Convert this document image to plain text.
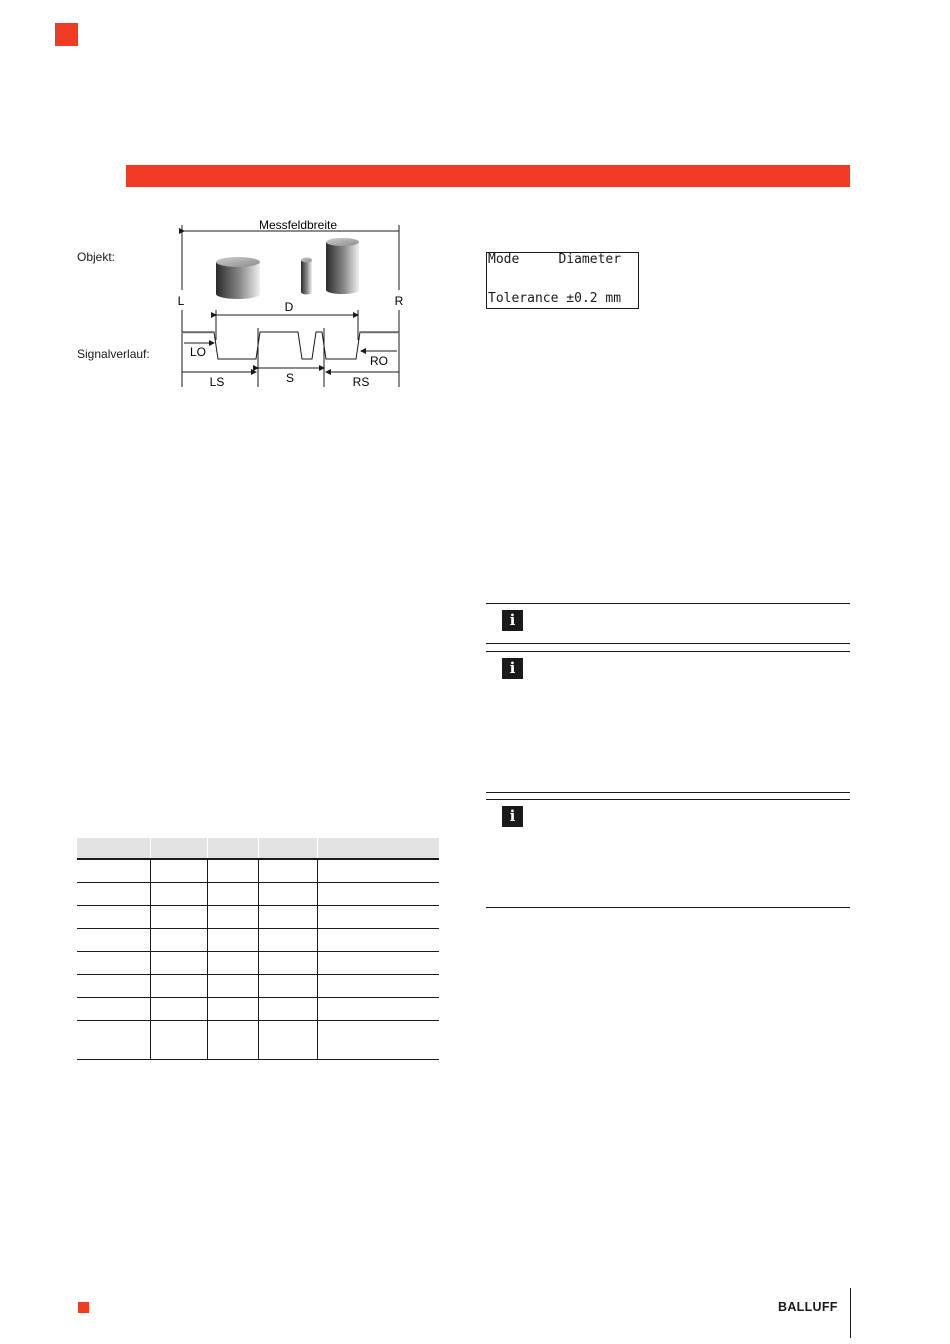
Objekt:
Signalverlauf:
Messfeldbreite
L	R
D
LO
RO
LS	S	RS
Mode     Diameter
Tolerance ±0.2 mm

i
i
i
BALLUFF
